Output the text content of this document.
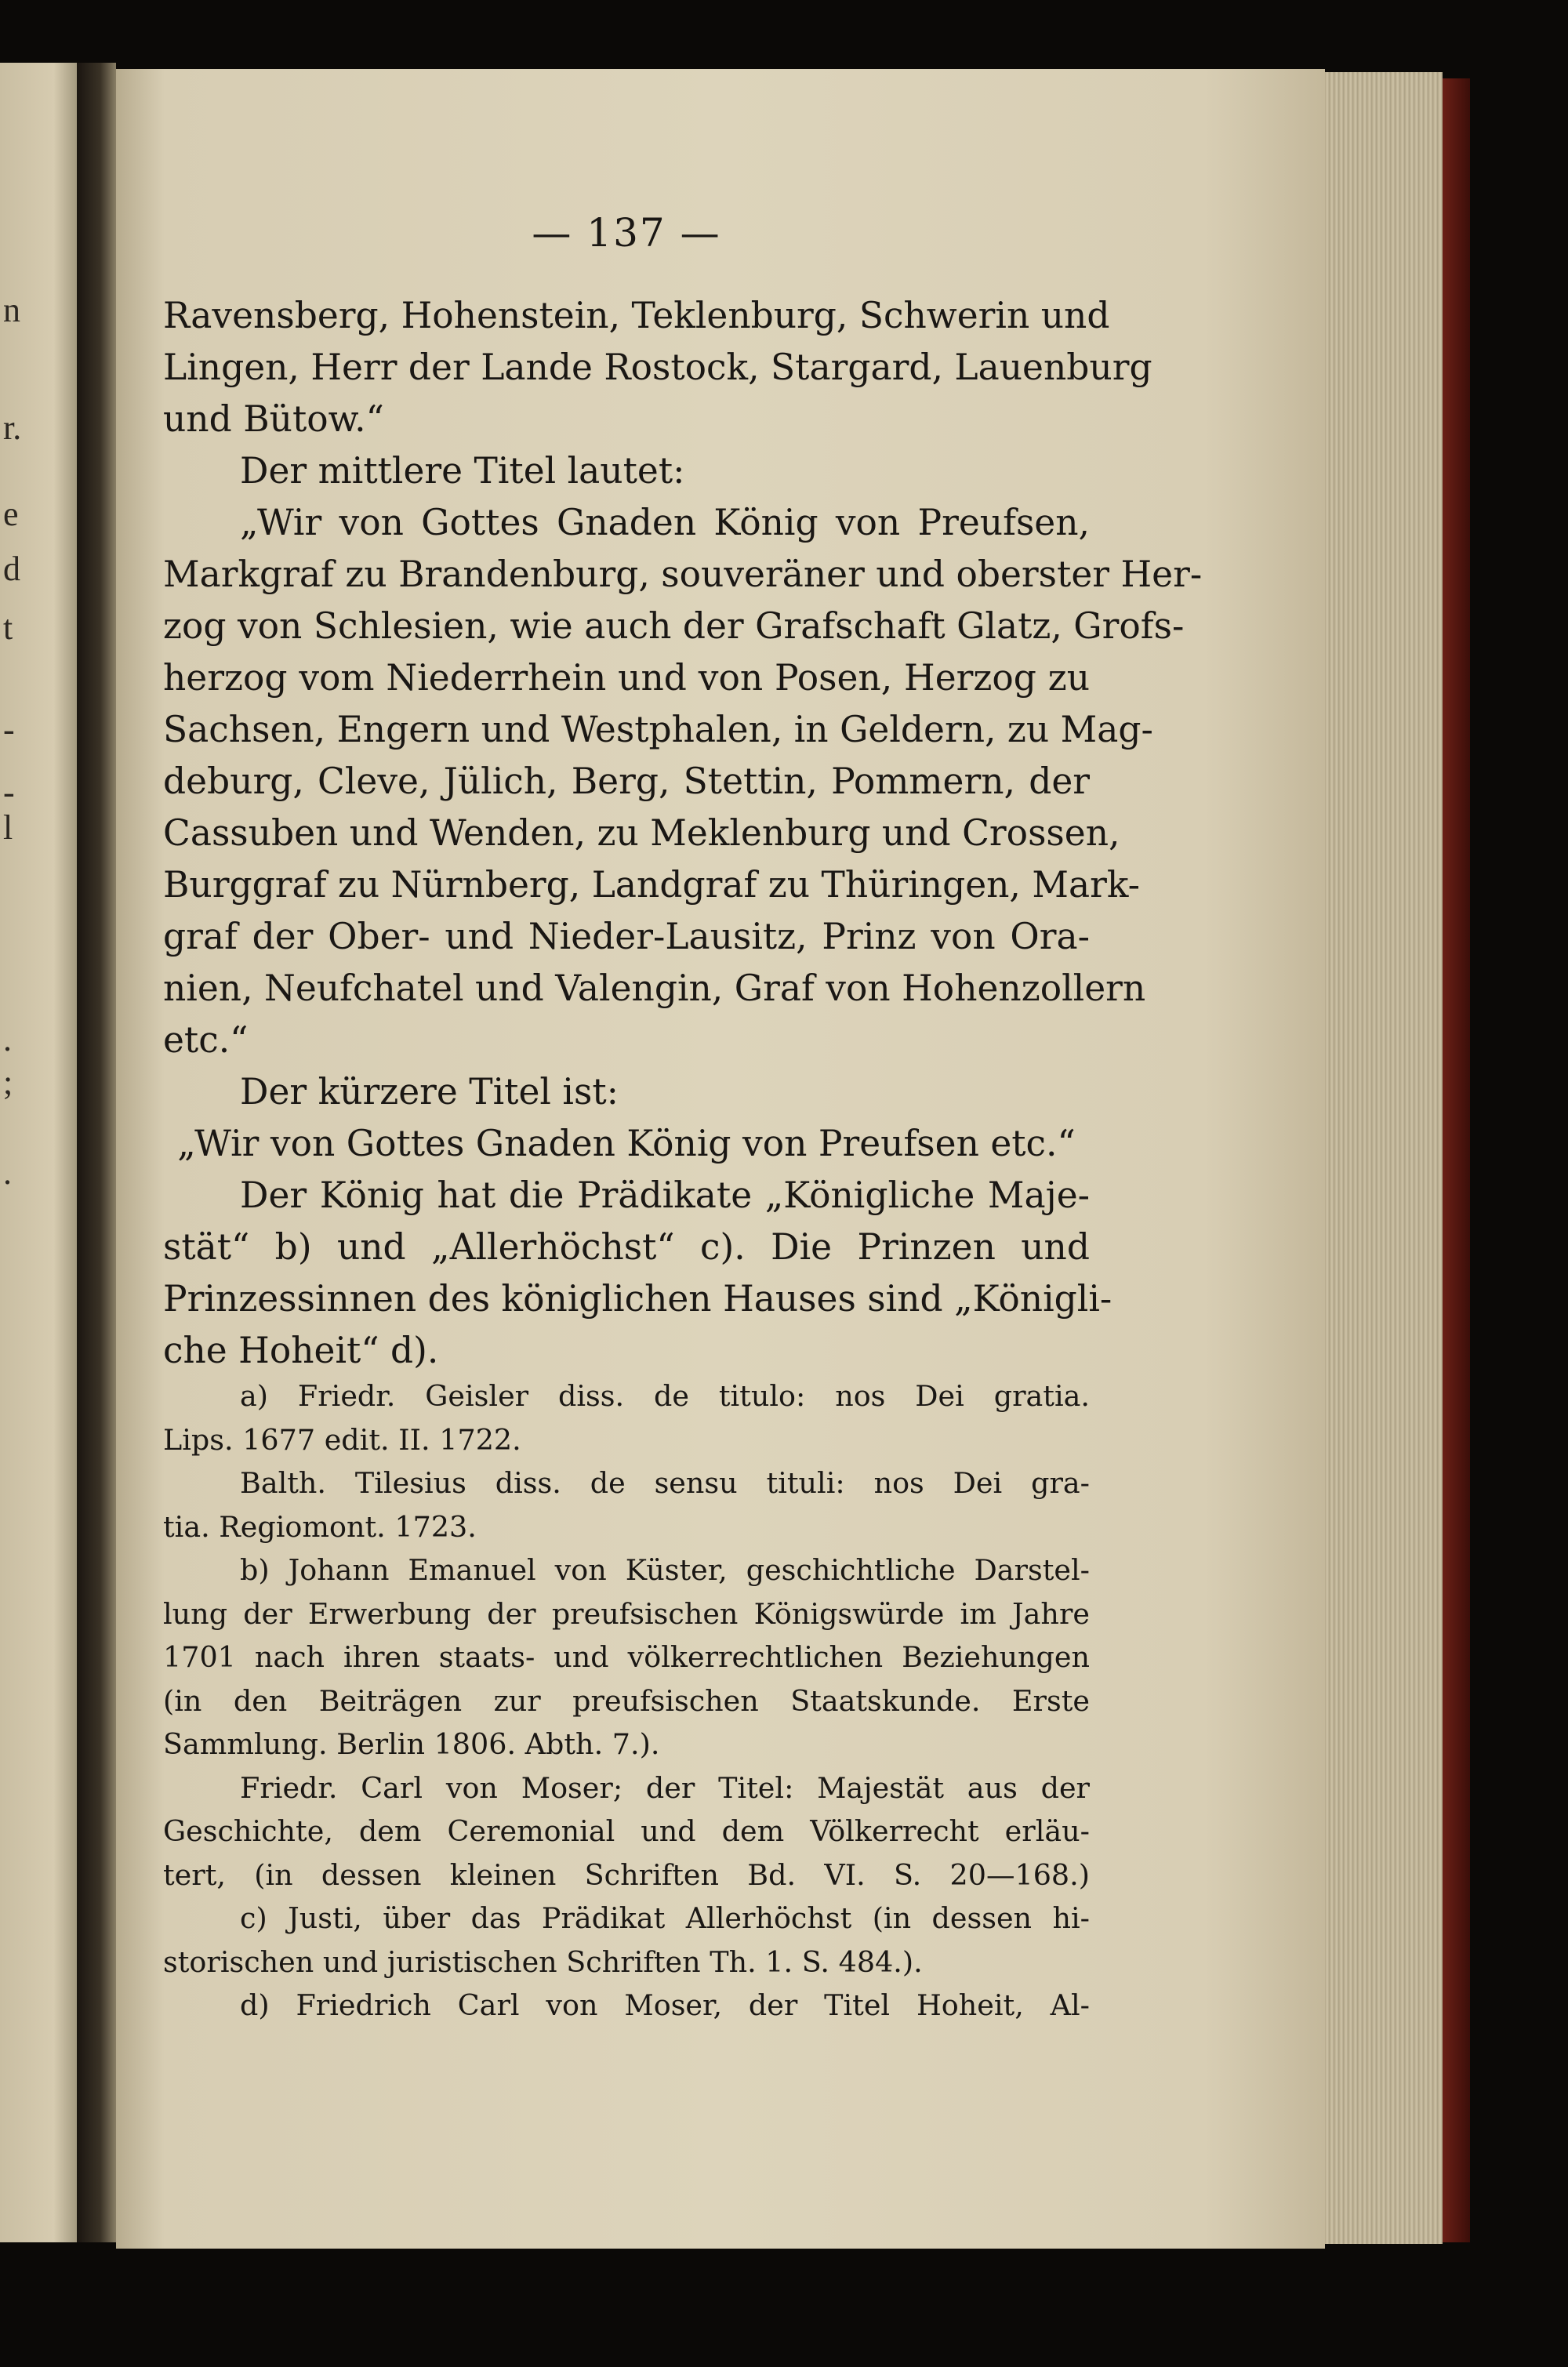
n
r.
e
d
t
-
-
l
.
;
.
— 137 —
Ravensberg, Hohenstein, Teklenburg, Schwerin und
Lingen, Herr der Lande Rostock, Stargard, Lauenburg
und Bütow.“
Der mittlere Titel lautet:
„Wir von Gottes Gnaden König von Preufsen,
Markgraf zu Brandenburg, souveräner und oberster Her-
zog von Schlesien, wie auch der Grafschaft Glatz, Grofs-
herzog vom Niederrhein und von Posen, Herzog zu
Sachsen, Engern und Westphalen, in Geldern, zu Mag-
deburg, Cleve, Jülich, Berg, Stettin, Pommern, der
Cassuben und Wenden, zu Meklenburg und Crossen,
Burggraf zu Nürnberg, Landgraf zu Thüringen, Mark-
graf der Ober- und Nieder-Lausitz, Prinz von Ora-
nien, Neufchatel und Valengin, Graf von Hohenzollern
etc.“
Der kürzere Titel ist:
„Wir von Gottes Gnaden König von Preufsen etc.“
Der König hat die Prädikate „Königliche Maje-
stät“ b) und „Allerhöchst“ c). Die Prinzen und
Prinzessinnen des königlichen Hauses sind „Königli-
che Hoheit“ d).
a) Friedr. Geisler diss. de titulo: nos Dei gratia.
Lips. 1677 edit. II. 1722.
Balth. Tilesius diss. de sensu tituli: nos Dei gra-
tia. Regiomont. 1723.
b) Johann Emanuel von Küster, geschichtliche Darstel-
lung der Erwerbung der preufsischen Königswürde im Jahre
1701 nach ihren staats- und völkerrechtlichen Beziehungen
(in den Beiträgen zur preufsischen Staatskunde. Erste
Sammlung. Berlin 1806. Abth. 7.).
Friedr. Carl von Moser; der Titel: Majestät aus der
Geschichte, dem Ceremonial und dem Völkerrecht erläu-
tert, (in dessen kleinen Schriften Bd. VI. S. 20—168.)
c) Justi, über das Prädikat Allerhöchst (in dessen hi-
storischen und juristischen Schriften Th. 1. S. 484.).
d) Friedrich Carl von Moser, der Titel Hoheit, Al-
